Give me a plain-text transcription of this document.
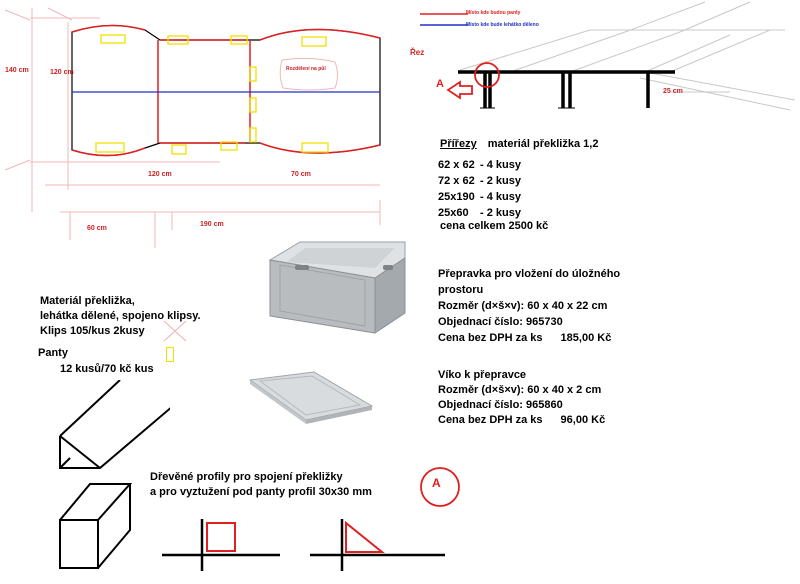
140 cm	120 cm	Rozdělení na půl
120 cm	70 cm
60 cm
190 cm
Místo kde budou panty
Místo kde bude lehátko děleno
Řez
A
25 cm
Přířezy materiál překližka 1,2
62 x 62 - 4 kusy
72 x 62 - 2 kusy
25x190 - 4 kusy
25x60 - 2 kusy
cena celkem 2500 kč
Přepravka pro vložení do úložného
prostoru
Rozměr (d×š×v): 60 x 40 x 22 cm
Objednací číslo: 965730
Cena bez DPH za ks 185,00 Kč
Víko k přepravce
Rozměr (d×š×v): 60 x 40 x 2 cm
Objednací číslo: 965860
Cena bez DPH za ks 96,00 Kč
Materiál překližka,
lehátka dělené, spojeno klipsy.
Klips 105/kus 2kusy
Panty
12 kusů/70 kč kus
Dřevěné profily pro spojení překližky
a pro vyztužení pod panty profil 30x30 mm
A
